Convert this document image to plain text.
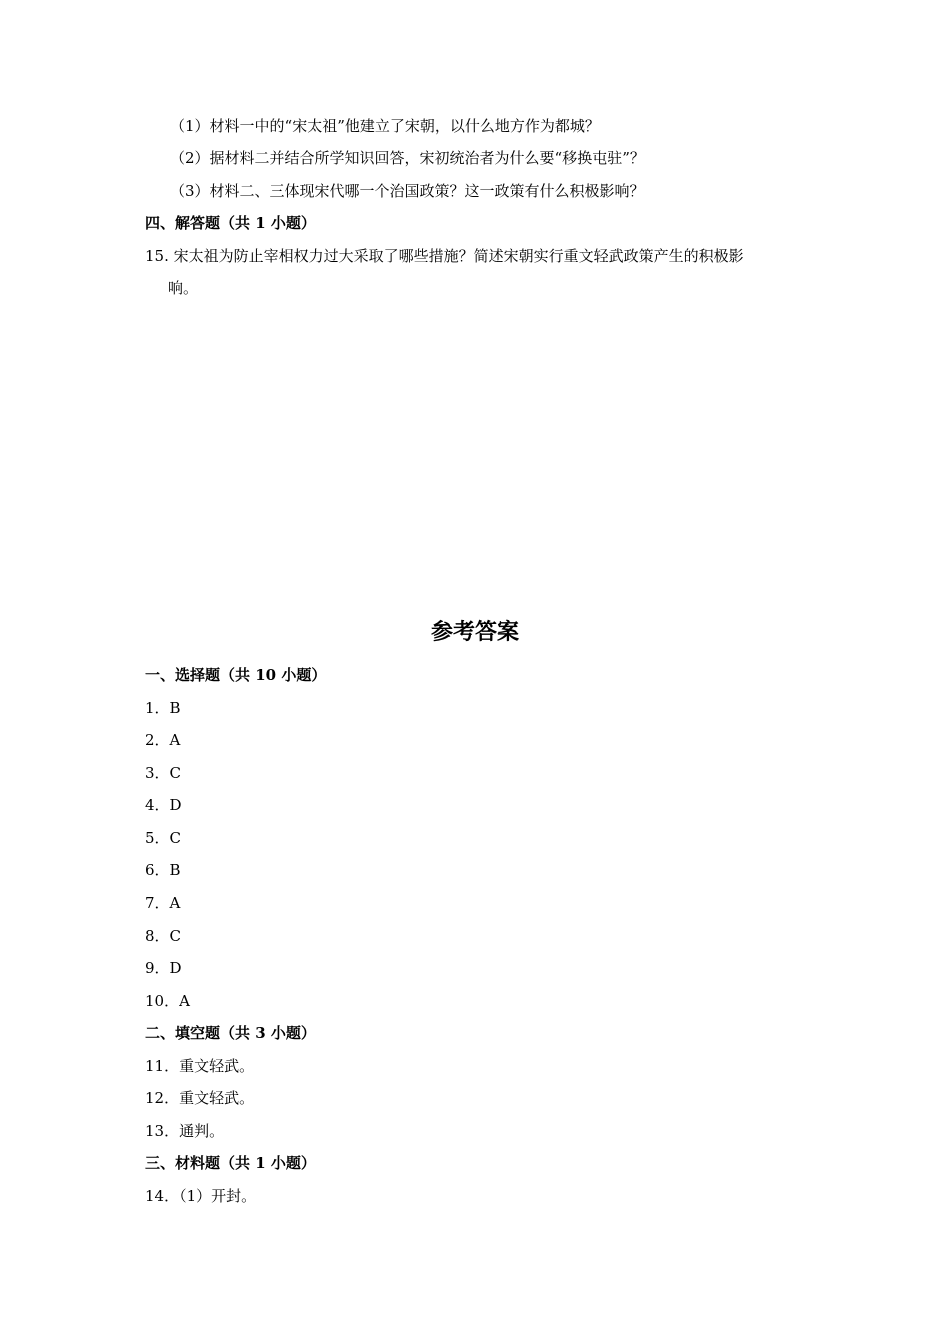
（1）材料一中的“宋太祖”他建立了宋朝，以什么地方作为都城？
（2）据材料二并结合所学知识回答，宋初统治者为什么要“移换屯驻”？
（3）材料二、三体现宋代哪一个治国政策？这一政策有什么积极影响？
四、解答题（共 1 小题）
15. 宋太祖为防止宰相权力过大采取了哪些措施？简述宋朝实行重文轻武政策产生的积极影
响。
参考答案
一、选择题（共 10 小题）
1．B
2．A
3．C
4．D
5．C
6．B
7．A
8．C
9．D
10．A
二、填空题（共 3 小题）
11．重文轻武。
12．重文轻武。
13．通判。
三、材料题（共 1 小题）
14．（1）开封。
